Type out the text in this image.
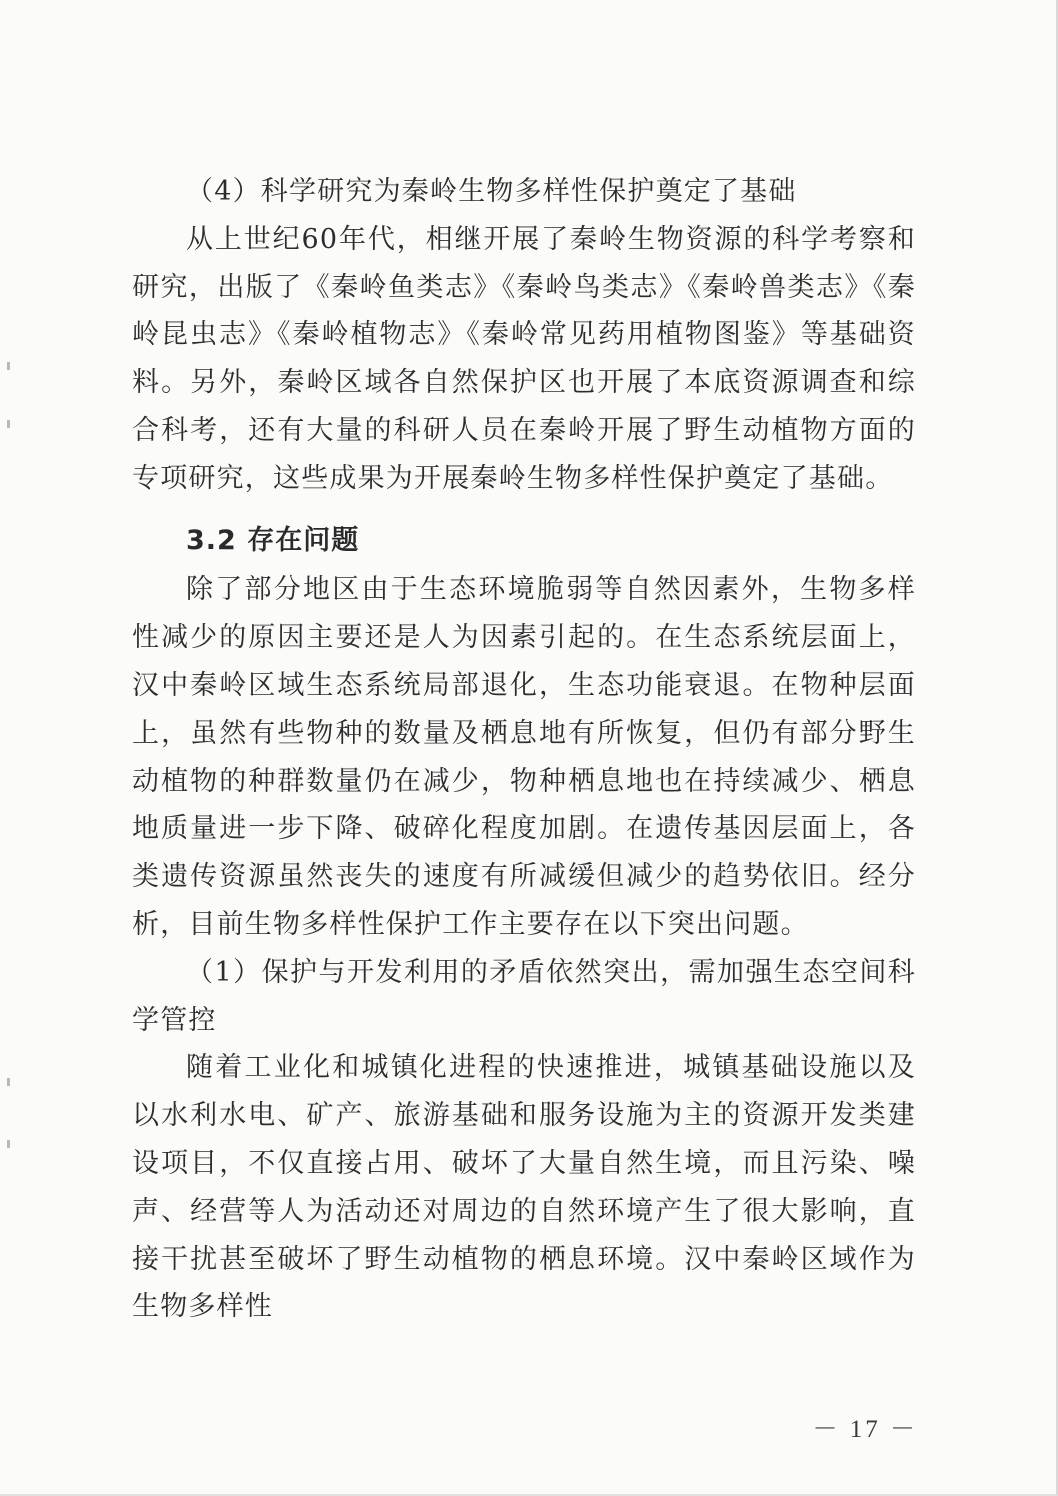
（4）科学研究为秦岭生物多样性保护奠定了基础

从上世纪60年代，相继开展了秦岭生物资源的科学考察和研究，出版了《秦岭鱼类志》《秦岭鸟类志》《秦岭兽类志》《秦岭昆虫志》《秦岭植物志》《秦岭常见药用植物图鉴》等基础资料。另外，秦岭区域各自然保护区也开展了本底资源调查和综合科考，还有大量的科研人员在秦岭开展了野生动植物方面的专项研究，这些成果为开展秦岭生物多样性保护奠定了基础。

3.2 存在问题

除了部分地区由于生态环境脆弱等自然因素外，生物多样性减少的原因主要还是人为因素引起的。在生态系统层面上，汉中秦岭区域生态系统局部退化，生态功能衰退。在物种层面上，虽然有些物种的数量及栖息地有所恢复，但仍有部分野生动植物的种群数量仍在减少，物种栖息地也在持续减少、栖息地质量进一步下降、破碎化程度加剧。在遗传基因层面上，各类遗传资源虽然丧失的速度有所减缓但减少的趋势依旧。经分析，目前生物多样性保护工作主要存在以下突出问题。

（1）保护与开发利用的矛盾依然突出，需加强生态空间科学管控

随着工业化和城镇化进程的快速推进，城镇基础设施以及以水利水电、矿产、旅游基础和服务设施为主的资源开发类建设项目，不仅直接占用、破坏了大量自然生境，而且污染、噪声、经营等人为活动还对周边的自然环境产生了很大影响，直接干扰甚至破坏了野生动植物的栖息环境。汉中秦岭区域作为生物多样性

－ 17 －
